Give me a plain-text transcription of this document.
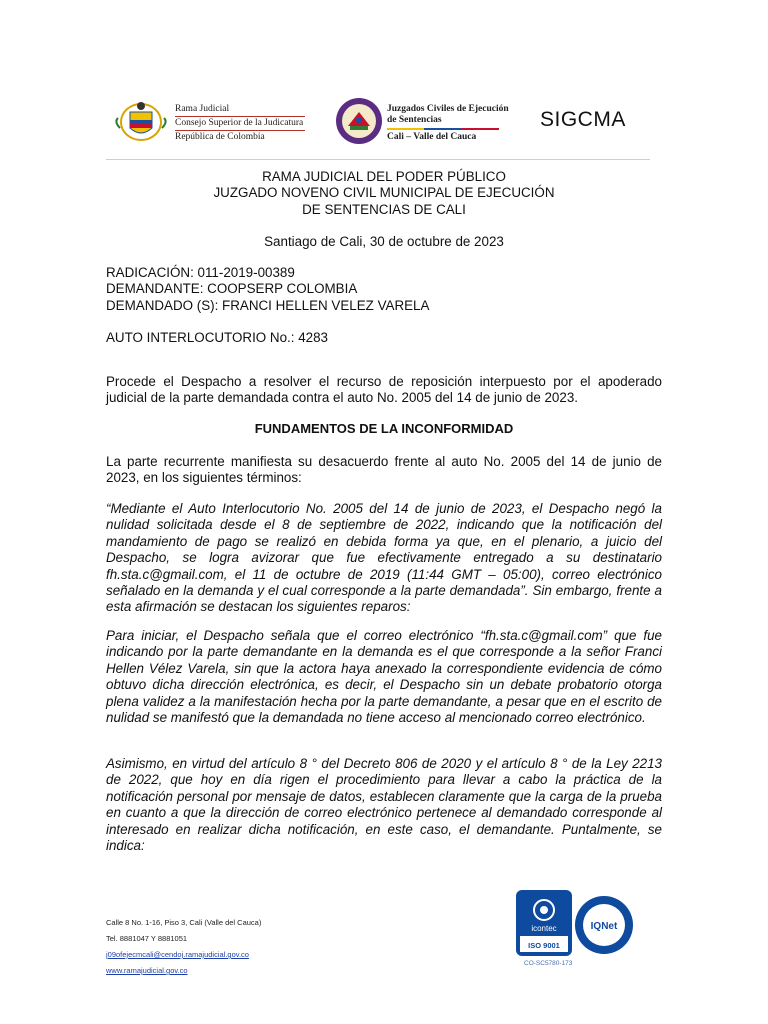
Rama Judicial
Consejo Superior de la Judicatura
República de Colombia
Juzgados Civiles de Ejecución
de Sentencias
Cali – Valle del Cauca
SIGCMA
RAMA JUDICIAL DEL PODER PÚBLICO
JUZGADO NOVENO CIVIL MUNICIPAL DE EJECUCIÓN
DE SENTENCIAS DE CALI
Santiago de Cali, 30 de octubre de 2023
RADICACIÓN: 011-2019-00389
DEMANDANTE: COOPSERP COLOMBIA
DEMANDADO (S): FRANCI HELLEN VELEZ VARELA
AUTO INTERLOCUTORIO No.: 4283
Procede el Despacho a resolver el recurso de reposición interpuesto por el apoderado judicial de la parte demandada contra el auto No. 2005 del 14 de junio de 2023.
FUNDAMENTOS DE LA INCONFORMIDAD
La parte recurrente manifiesta su desacuerdo frente al auto No. 2005 del 14 de junio de 2023, en los siguientes términos:
“Mediante el Auto Interlocutorio No. 2005 del 14 de junio de 2023, el Despacho negó la nulidad solicitada desde el 8 de septiembre de 2022, indicando que la notificación del mandamiento de pago se realizó en debida forma ya que, en el plenario, a juicio del Despacho, se logra avizorar que fue efectivamente entregado a su destinatario fh.sta.c@gmail.com, el 11 de octubre de 2019 (11:44 GMT – 05:00), correo electrónico señalado en la demanda y el cual corresponde a la parte demandada”. Sin embargo, frente a esta afirmación se destacan los siguientes reparos:
Para iniciar, el Despacho señala que el correo electrónico “fh.sta.c@gmail.com” que fue indicando por la parte demandante en la demanda es el que corresponde a la señor Franci Hellen Vélez Varela, sin que la actora haya anexado la correspondiente evidencia de cómo obtuvo dicha dirección electrónica, es decir, el Despacho sin un debate probatorio otorga plena validez a la manifestación hecha por la parte demandante, a pesar que en el escrito de nulidad se manifestó que la demandada no tiene acceso al mencionado correo electrónico.
Asimismo, en virtud del artículo 8 ° del Decreto 806 de 2020 y el artículo 8 ° de la Ley 2213 de 2022, que hoy en día rigen el procedimiento para llevar a cabo la práctica de la notificación personal por mensaje de datos, establecen claramente que la carga de la prueba en cuanto a que la dirección de correo electrónico pertenece al demandado corresponde al interesado en realizar dicha notificación, en este caso, el demandante. Puntalmente, se indica:
Calle 8 No. 1-16, Piso 3, Cali (Valle del Cauca)
Tel. 8881047 Y 8881051
j09ofejecmcali@cendoj.ramajudicial.gov.co
www.ramajudicial.gov.co
icontec
ISO 9001
IQNet
CO-SC5780-173
